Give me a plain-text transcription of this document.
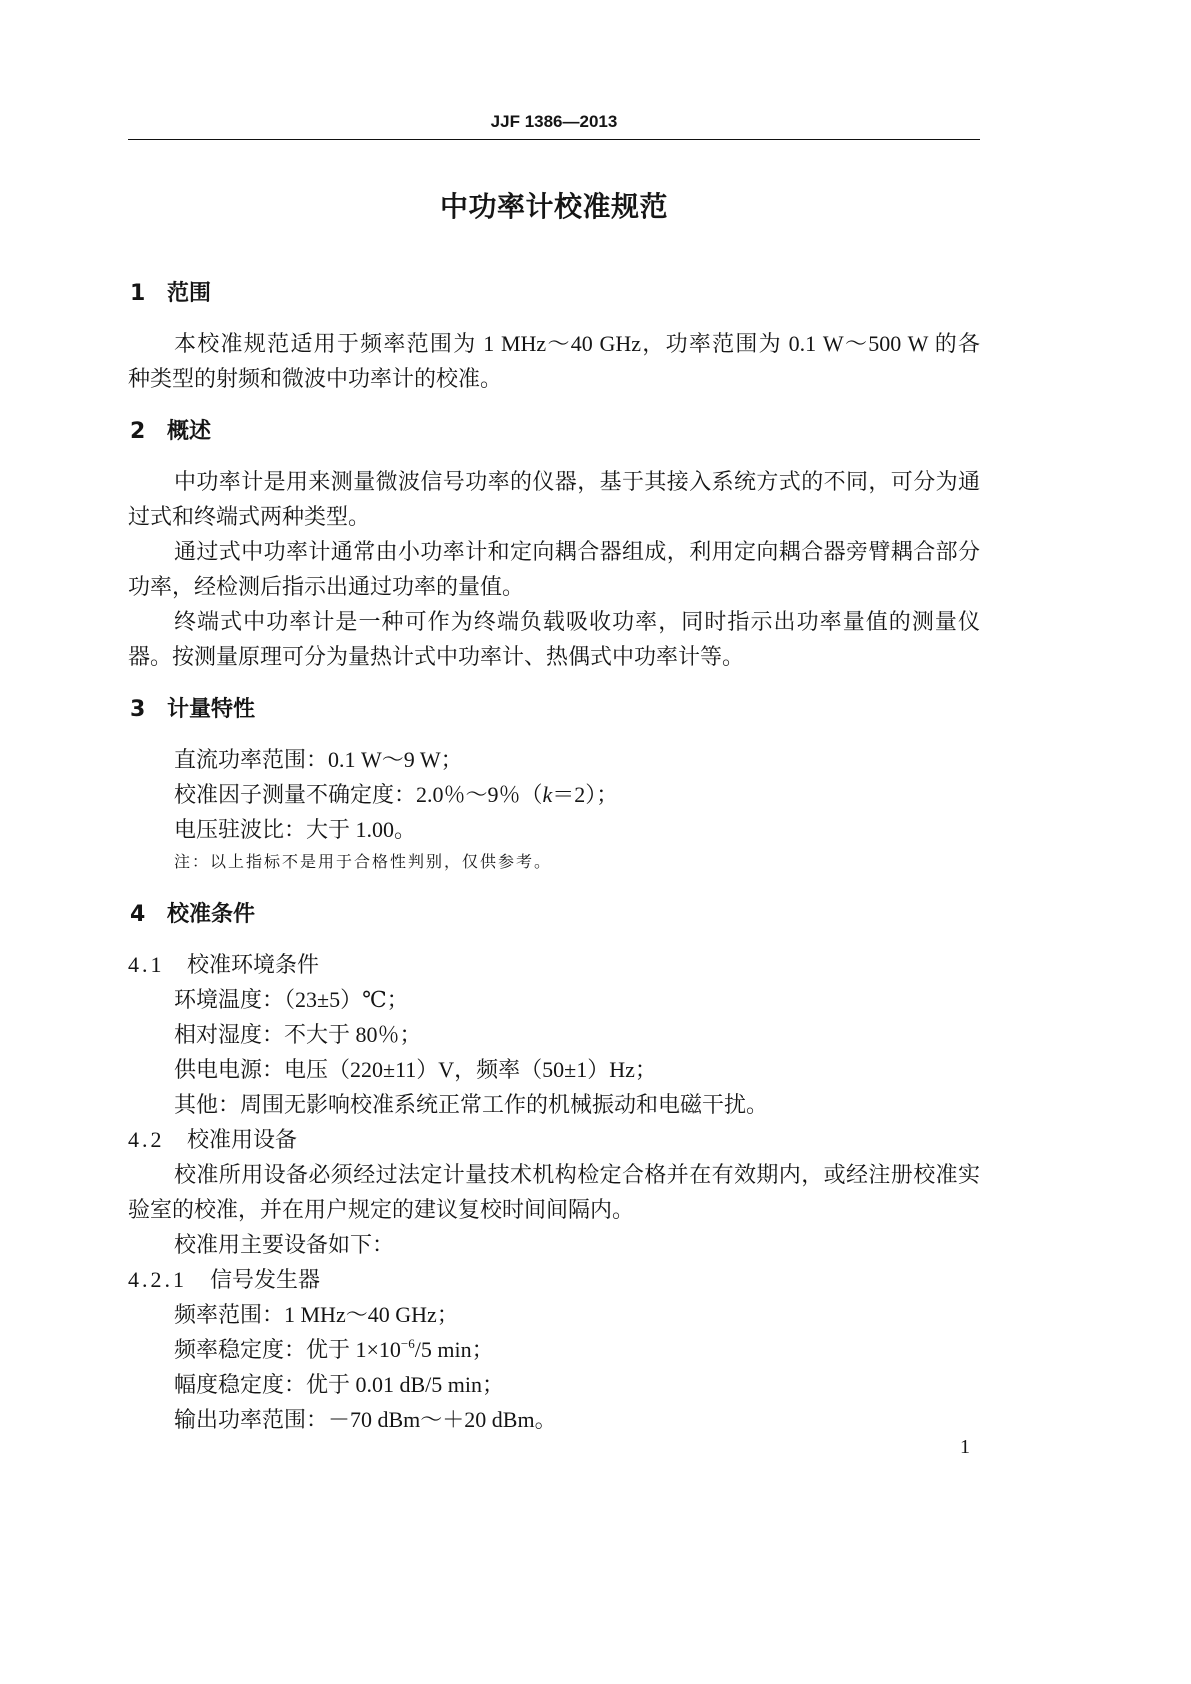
JJF 1386—2013
中功率计校准规范
1 范围
本校准规范适用于频率范围为 1 MHz～40 GHz，功率范围为 0.1 W～500 W 的各
种类型的射频和微波中功率计的校准。
2 概述
中功率计是用来测量微波信号功率的仪器，基于其接入系统方式的不同，可分为通
过式和终端式两种类型。
通过式中功率计通常由小功率计和定向耦合器组成，利用定向耦合器旁臂耦合部分
功率，经检测后指示出通过功率的量值。
终端式中功率计是一种可作为终端负载吸收功率，同时指示出功率量值的测量仪
器。按测量原理可分为量热计式中功率计、热偶式中功率计等。
3 计量特性
直流功率范围：0.1 W～9 W；
校准因子测量不确定度：2.0％～9％（k＝2）；
电压驻波比：大于 1.00。
注：以上指标不是用于合格性判别，仅供参考。
4 校准条件
4.1 校准环境条件
环境温度：（23±5）℃；
相对湿度：不大于 80％；
供电电源：电压（220±11）V，频率（50±1）Hz；
其他：周围无影响校准系统正常工作的机械振动和电磁干扰。
4.2 校准用设备
校准所用设备必须经过法定计量技术机构检定合格并在有效期内，或经注册校准实
验室的校准，并在用户规定的建议复校时间间隔内。
校准用主要设备如下：
4.2.1 信号发生器
频率范围：1 MHz～40 GHz；
频率稳定度：优于 $1\times 10^{-6}/5$ min；
幅度稳定度：优于 0.01 dB/5 min；
输出功率范围：－70 dBm～＋20 dBm。
1
